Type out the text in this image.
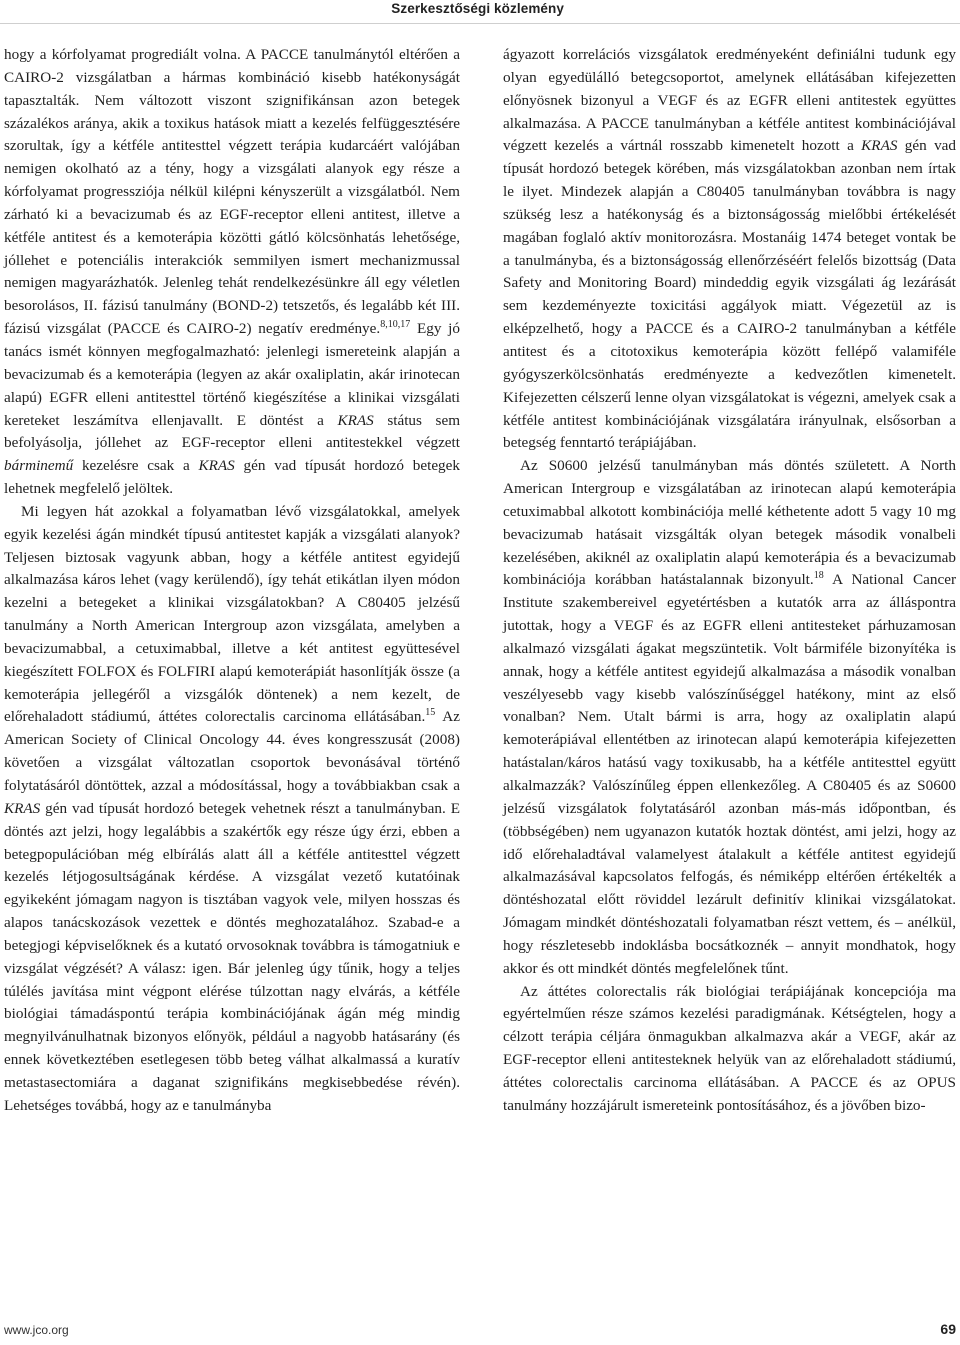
Szerkesztőségi közlemény

hogy a kórfolyamat progrediált volna. A PACCE tanulmánytól eltérően a CAIRO-2 vizsgálatban a hármas kombináció kisebb hatékonyságát tapasztalták. Nem változott viszont szignifikánsan azon betegek százalékos aránya, akik a toxikus hatások miatt a kezelés felfüggesztésére szorultak, így a kétféle antitesttel végzett terápia kudarcáért valójában nemigen okolható az a tény, hogy a vizsgálati alanyok egy része a kórfolyamat progressziója nélkül kilépni kényszerült a vizsgálatból. Nem zárható ki a bevacizumab és az EGF-receptor elleni antitest, illetve a kétféle antitest és a kemoterápia közötti gátló kölcsönhatás lehetősége, jóllehet e potenciális interakciók semmilyen ismert mechanizmussal nemigen magyarázhatók. Jelenleg tehát rendelkezésünkre áll egy véletlen besorolásos, II. fázisú tanulmány (BOND-2) tetszetős, és legalább két III. fázisú vizsgálat (PACCE és CAIRO-2) negatív eredménye.$^{8,10,17}$ Egy jó tanács ismét könnyen megfogalmazható: jelenlegi ismereteink alapján a bevacizumab és a kemoterápia (legyen az akár oxaliplatin, akár irinotecan alapú) EGFR elleni antitesttel történő kiegészítése a klinikai vizsgálati kereteket leszámítva ellenjavallt. E döntést a KRAS státus sem befolyásolja, jóllehet az EGF-receptor elleni antitestekkel végzett bárminemű kezelésre csak a KRAS gén vad típusát hordozó betegek lehetnek megfelelő jelöltek.

Mi legyen hát azokkal a folyamatban lévő vizsgálatokkal, amelyek egyik kezelési ágán mindkét típusú antitestet kapják a vizsgálati alanyok? Teljesen biztosak vagyunk abban, hogy a kétféle antitest egyidejű alkalmazása káros lehet (vagy kerülendő), így tehát etikátlan ilyen módon kezelni a betegeket a klinikai vizsgálatokban? A C80405 jelzésű tanulmány a North American Intergroup azon vizsgálata, amelyben a bevacizumabbal, a cetuximabbal, illetve a két antitest együttesével kiegészített FOLFOX és FOLFIRI alapú kemoterápiát hasonlítják össze (a kemoterápia jellegéről a vizsgálók döntenek) a nem kezelt, de előrehaladott stádiumú, áttétes colorectalis carcinoma ellátásában.$^{15}$ Az American Society of Clinical Oncology 44. éves kongresszusát (2008) követően a vizsgálat változatlan csoportok bevonásával történő folytatásáról döntöttek, azzal a módosítással, hogy a továbbiakban csak a KRAS gén vad típusát hordozó betegek vehetnek részt a tanulmányban. E döntés azt jelzi, hogy legalábbis a szakértők egy része úgy érzi, ebben a betegpopulációban még elbírálás alatt áll a kétféle antitesttel végzett kezelés létjogosultságának kérdése. A vizsgálat vezető kutatóinak egyikeként jómagam nagyon is tisztában vagyok vele, milyen hosszas és alapos tanácskozások vezettek e döntés meghozatalához. Szabad-e a betegjogi képviselőknek és a kutató orvosoknak továbbra is támogatniuk e vizsgálat végzését? A válasz: igen. Bár jelenleg úgy tűnik, hogy a teljes túlélés javítása mint végpont elérése túlzottan nagy elvárás, a kétféle biológiai támadáspontú terápia kombinációjának ágán még mindig megnyilvánulhatnak bizonyos előnyök, például a nagyobb hatásarány (és ennek következtében esetlegesen több beteg válhat alkalmassá a kuratív metastasectomiára a daganat szignifikáns megkisebbedése révén). Lehetséges továbbá, hogy az e tanulmányba

ágyazott korrelációs vizsgálatok eredményeként definiálni tudunk egy olyan egyedülálló betegcsoportot, amelynek ellátásában kifejezetten előnyösnek bizonyul a VEGF és az EGFR elleni antitestek együttes alkalmazása. A PACCE tanulmányban a kétféle antitest kombinációjával végzett kezelés a vártnál rosszabb kimenetelt hozott a KRAS gén vad típusát hordozó betegek körében, más vizsgálatokban azonban nem írtak le ilyet. Mindezek alapján a C80405 tanulmányban továbbra is nagy szükség lesz a hatékonyság és a biztonságosság mielőbbi értékelését magában foglaló aktív monitorozásra. Mostanáig 1474 beteget vontak be a tanulmányba, és a biztonságosság ellenőrzéséért felelős bizottság (Data Safety and Monitoring Board) mindeddig egyik vizsgálati ág lezárását sem kezdeményezte toxicitási aggályok miatt. Végezetül az is elképzelhető, hogy a PACCE és a CAIRO-2 tanulmányban a kétféle antitest és a citotoxikus kemoterápia között fellépő valamiféle gyógyszerkölcsönhatás eredményezte a kedvezőtlen kimenetelt. Kifejezetten célszerű lenne olyan vizsgálatokat is végezni, amelyek csak a kétféle antitest kombinációjának vizsgálatára irányulnak, elsősorban a betegség fenntartó terápiájában.

Az S0600 jelzésű tanulmányban más döntés született. A North American Intergroup e vizsgálatában az irinotecan alapú kemoterápia cetuximabbal alkotott kombinációja mellé kéthetente adott 5 vagy 10 mg bevacizumab hatásait vizsgálták olyan betegek második vonalbeli kezelésében, akiknél az oxaliplatin alapú kemoterápia és a bevacizumab kombinációja korábban hatástalannak bizonyult.$^{18}$ A National Cancer Institute szakembereivel egyetértésben a kutatók arra az álláspontra jutottak, hogy a VEGF és az EGFR elleni antitesteket párhuzamosan alkalmazó vizsgálati ágakat megszüntetik. Volt bármiféle bizonyítéka is annak, hogy a kétféle antitest egyidejű alkalmazása a második vonalban veszélyesebb vagy kisebb valószínűséggel hatékony, mint az első vonalban? Nem. Utalt bármi is arra, hogy az oxaliplatin alapú kemoterápiával ellentétben az irinotecan alapú kemoterápia kifejezetten hatástalan/káros hatású vagy toxikusabb, ha a kétféle antitesttel együtt alkalmazzák? Valószínűleg éppen ellenkezőleg. A C80405 és az S0600 jelzésű vizsgálatok folytatásáról azonban más-más időpontban, és (többségében) nem ugyanazon kutatók hoztak döntést, ami jelzi, hogy az idő előrehaladtával valamelyest átalakult a kétféle antitest egyidejű alkalmazásával kapcsolatos felfogás, és némiképp eltérően értékelték a döntéshozatal előtt röviddel lezárult definitív klinikai vizsgálatokat. Jómagam mindkét döntéshozatali folyamatban részt vettem, és – anélkül, hogy részletesebb indoklásba bocsátkoznék – annyit mondhatok, hogy akkor és ott mindkét döntés megfelelőnek tűnt.

Az áttétes colorectalis rák biológiai terápiájának koncepciója ma egyértelműen része számos kezelési paradigmának. Kétségtelen, hogy a célzott terápia céljára önmagukban alkalmazva akár a VEGF, akár az EGF-receptor elleni antitesteknek helyük van az előrehaladott stádiumú, áttétes colorectalis carcinoma ellátásában. A PACCE és az OPUS tanulmány hozzájárult ismereteink pontosításához, és a jövőben bizo-

www.jco.org	69
